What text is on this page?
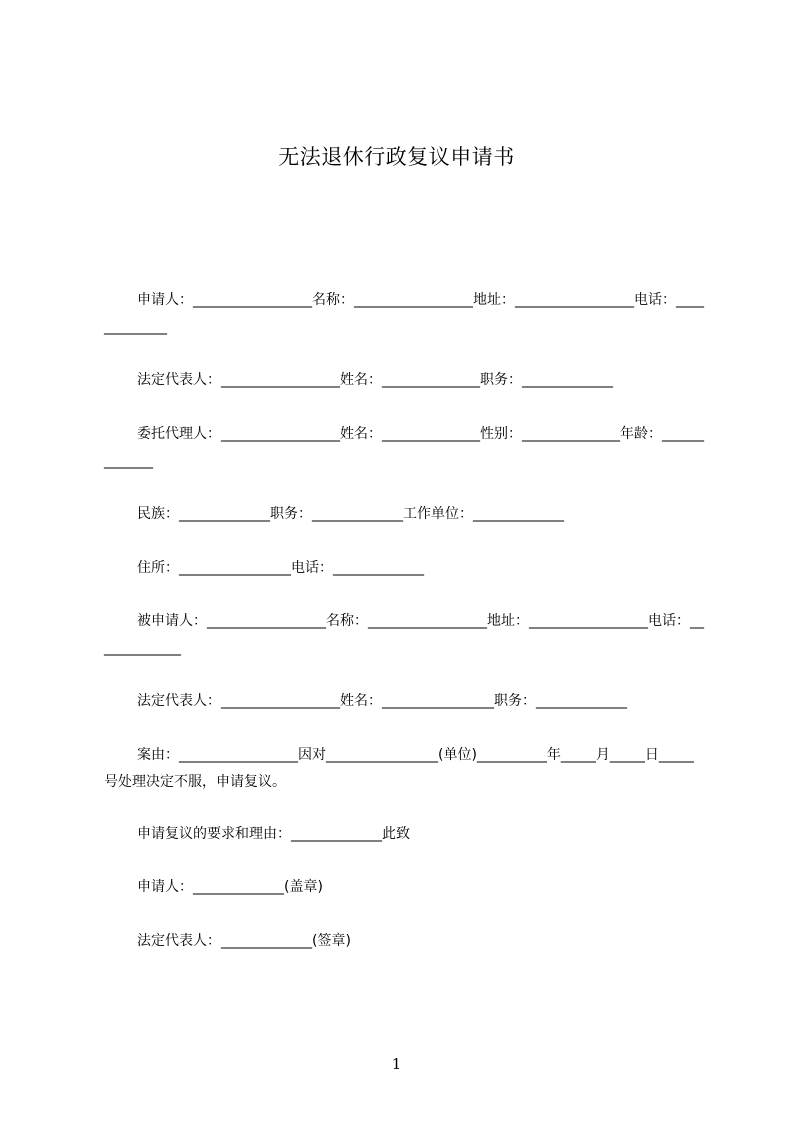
无法退休行政复议申请书
申请人：_________________名称：_________________地址：_________________电话：_____________
法定代表人：_________________姓名：______________职务：_____________
委托代理人：_________________姓名：______________性别：______________年龄：_____________
民族：_____________职务：_____________工作单位：_____________
住所：________________电话：_____________
被申请人：_________________名称：_________________地址：_________________电话：_____________
法定代表人：_________________姓名：________________职务：_____________
案由：_________________因对________________(单位)__________年_____月_____日_____号处理决定不服，申请复议。
申请复议的要求和理由：_____________此致
申请人：_____________(盖章)
法定代表人：_____________(签章)
1
